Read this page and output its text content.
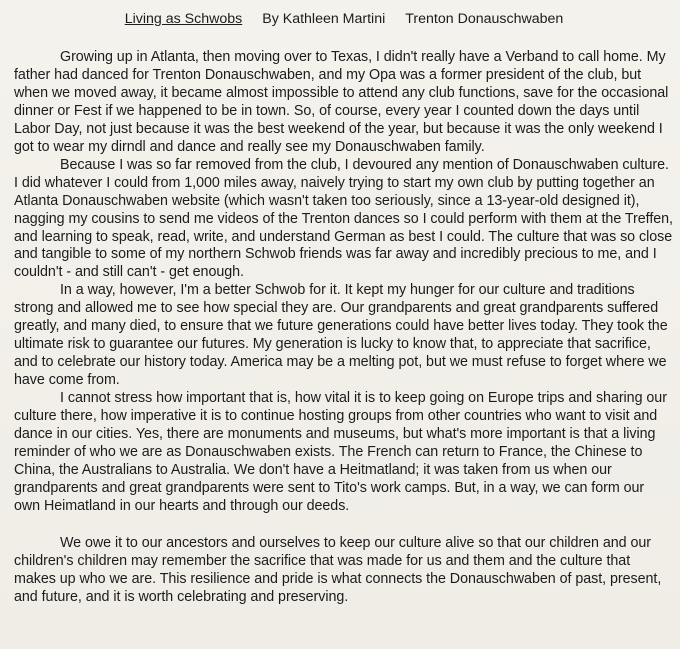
Living as Schwobs By Kathleen Martini Trenton Donauschwaben

Growing up in Atlanta, then moving over to Texas, I didn't really have a Verband to call home. My father had danced for Trenton Donauschwaben, and my Opa was a former president of the club, but when we moved away, it became almost impossible to attend any club functions, save for the occasional dinner or Fest if we happened to be in town. So, of course, every year I counted down the days until Labor Day, not just because it was the best weekend of the year, but because it was the only weekend I got to wear my dirndl and dance and really see my Donauschwaben family.

Because I was so far removed from the club, I devoured any mention of Donauschwaben culture. I did whatever I could from 1,000 miles away, naively trying to start my own club by putting together an Atlanta Donauschwaben website (which wasn't taken too seriously, since a 13-year-old designed it), nagging my cousins to send me videos of the Trenton dances so I could perform with them at the Treffen, and learning to speak, read, write, and understand German as best I could. The culture that was so close and tangible to some of my northern Schwob friends was far away and incredibly precious to me, and I couldn't - and still can't - get enough.

In a way, however, I'm a better Schwob for it. It kept my hunger for our culture and traditions strong and allowed me to see how special they are. Our grandparents and great grandparents suffered greatly, and many died, to ensure that we future generations could have better lives today. They took the ultimate risk to guarantee our futures. My generation is lucky to know that, to appreciate that sacrifice, and to celebrate our history today. America may be a melting pot, but we must refuse to forget where we have come from.

I cannot stress how important that is, how vital it is to keep going on Europe trips and sharing our culture there, how imperative it is to continue hosting groups from other countries who want to visit and dance in our cities. Yes, there are monuments and museums, but what's more important is that a living reminder of who we are as Donauschwaben exists. The French can return to France, the Chinese to China, the Australians to Australia. We don't have a Heitmatland; it was taken from us when our grandparents and great grandparents were sent to Tito's work camps. But, in a way, we can form our own Heimatland in our hearts and through our deeds.

We owe it to our ancestors and ourselves to keep our culture alive so that our children and our children's children may remember the sacrifice that was made for us and them and the culture that makes up who we are. This resilience and pride is what connects the Donauschwaben of past, present, and future, and it is worth celebrating and preserving.
